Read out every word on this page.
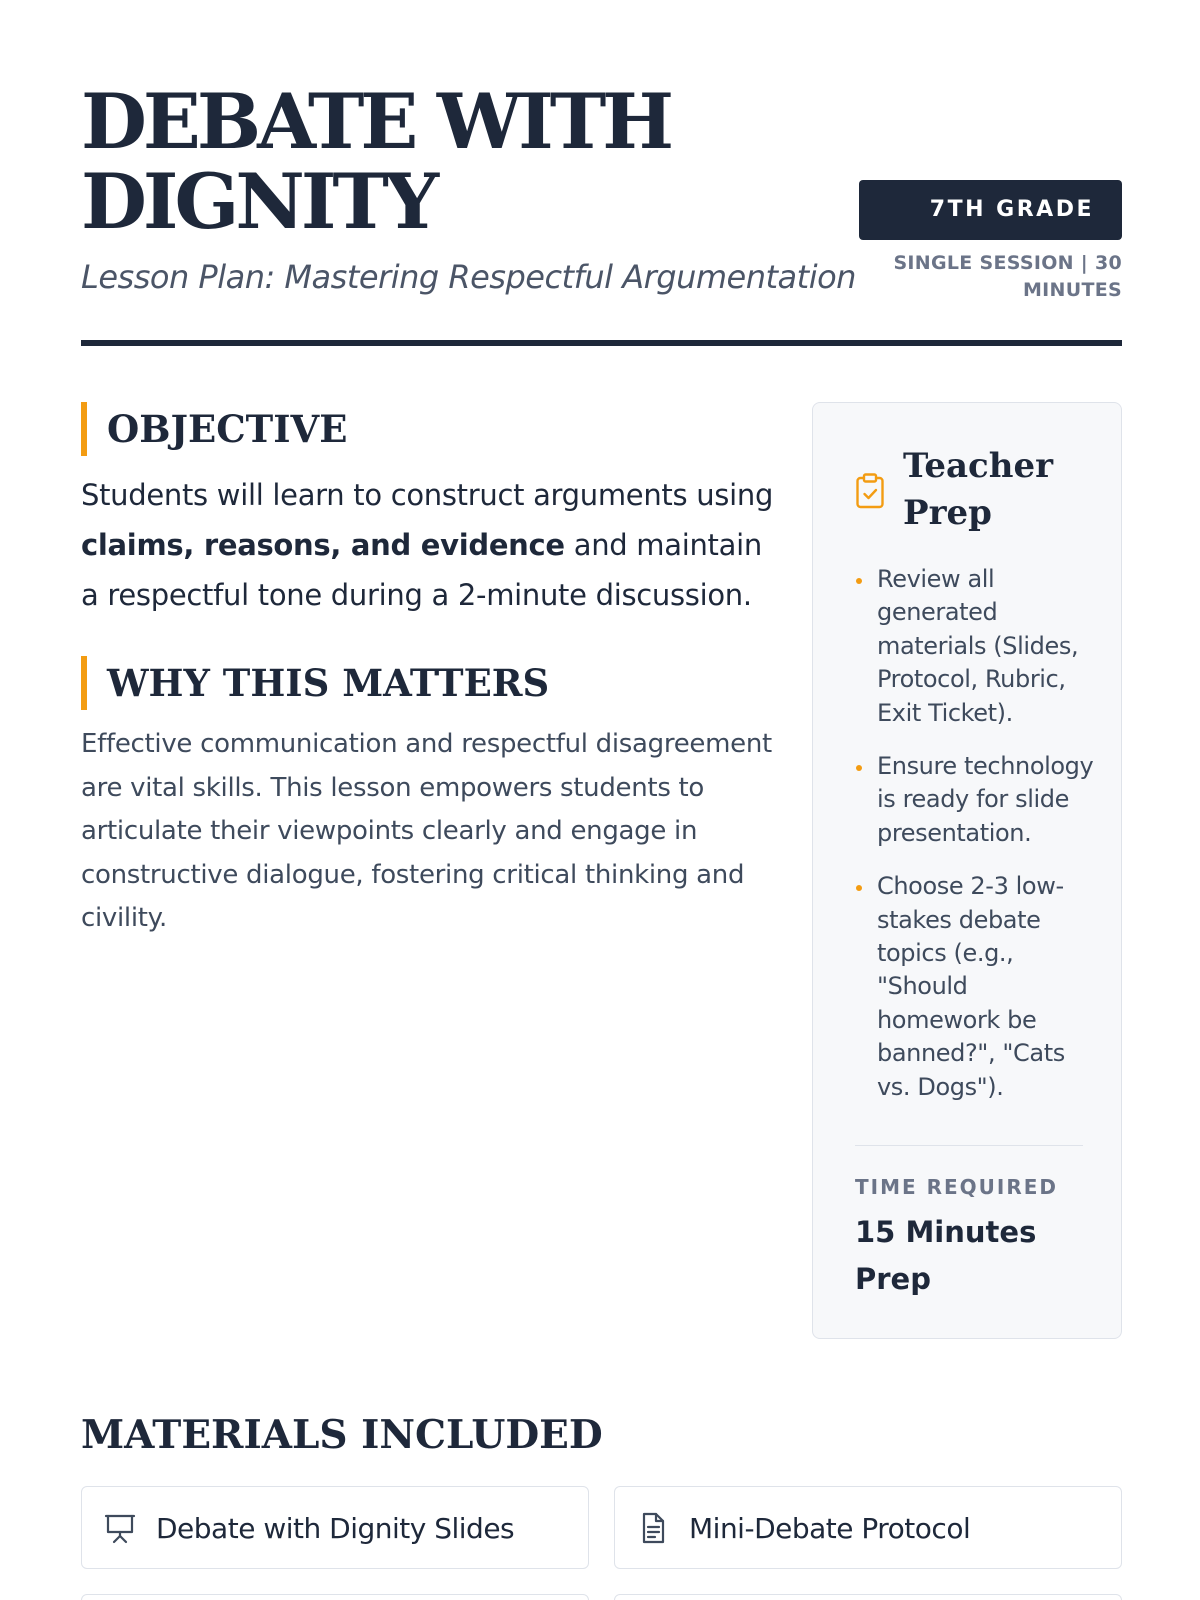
DEBATE WITH
DIGNITY
Lesson Plan: Mastering Respectful Argumentation
7TH GRADE
SINGLE SESSION | 30
MINUTES
OBJECTIVE

Students will learn to construct arguments using claims, reasons, and evidence and maintain a respectful tone during a 2-minute discussion.

WHY THIS MATTERS

Effective communication and respectful disagreement are vital skills. This lesson empowers students to articulate their viewpoints clearly and engage in constructive dialogue, fostering critical thinking and civility.

Teacher Prep
Review all generated materials (Slides, Protocol, Rubric, Exit Ticket).
Ensure technology is ready for slide presentation.
Choose 2-3 low-stakes debate topics (e.g., "Should homework be banned?", "Cats vs. Dogs").
TIME REQUIRED
15 Minutes Prep
MATERIALS INCLUDED
Debate with Dignity Slides	Mini-Debate Protocol
